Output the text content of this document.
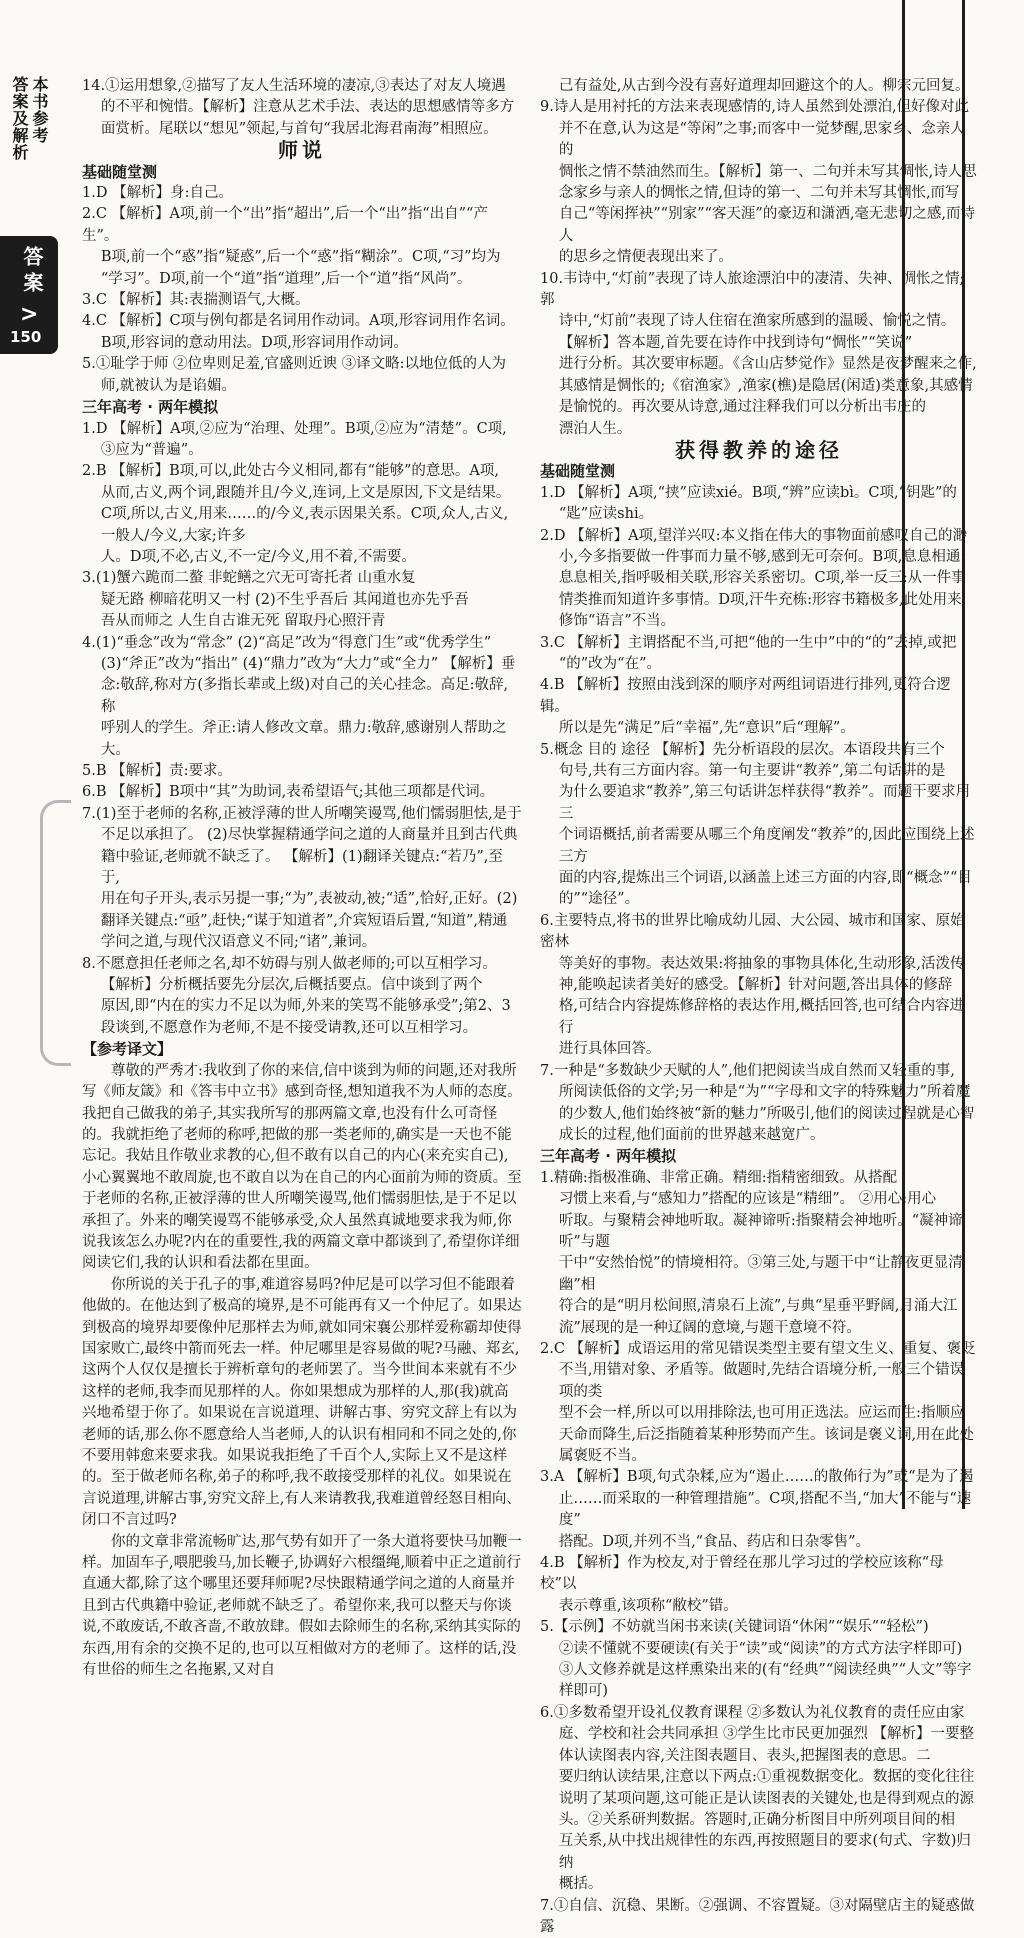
本书参考
答案及解析
答案
>
150

14.①运用想象,②描写了友人生活环境的凄凉,③表达了对友人境遇

的不平和惋惜。【解析】注意从艺术手法、表达的思想感情等多方

面赏析。尾联以“想见”领起,与首句“我居北海君南海”相照应。

师说

基础随堂测

1.D 【解析】身:自己。

2.C 【解析】A项,前一个“出”指“超出”,后一个“出”指“出自”“产生”。

B项,前一个“惑”指“疑惑”,后一个“惑”指“糊涂”。C项,“习”均为

“学习”。D项,前一个“道”指“道理”,后一个“道”指“风尚”。

3.C 【解析】其:表揣测语气,大概。

4.C 【解析】C项与例句都是名词用作动词。A项,形容词用作名词。

B项,形容词的意动用法。D项,形容词用作动词。

5.①耻学于师 ②位卑则足羞,官盛则近谀 ③译文略:以地位低的人为

师,就被认为是谄媚。

三年高考 · 两年模拟

1.D 【解析】A项,②应为“治理、处理”。B项,②应为“清楚”。C项,

③应为“普遍”。

2.B 【解析】B项,可以,此处古今义相同,都有“能够”的意思。A项,

从而,古义,两个词,跟随并且/今义,连词,上文是原因,下文是结果。

C项,所以,古义,用来……的/今义,表示因果关系。C项,众人,古义,一般人/今义,大家;许多

人。D项,不必,古义,不一定/今义,用不着,不需要。

3.(1)蟹六跪而二螯 非蛇鳝之穴无可寄托者 山重水复

疑无路 柳暗花明又一村 (2)不生乎吾后 其闻道也亦先乎吾

吾从而师之 人生自古谁无死 留取丹心照汗青

4.(1)“垂念”改为“常念” (2)“高足”改为“得意门生”或“优秀学生”

(3)“斧正”改为“指出” (4)“鼎力”改为“大力”或“全力” 【解析】垂

念:敬辞,称对方(多指长辈或上级)对自己的关心挂念。高足:敬辞,称

呼别人的学生。斧正:请人修改文章。鼎力:敬辞,感谢别人帮助之大。

5.B 【解析】责:要求。

6.B 【解析】B项中“其”为助词,表希望语气;其他三项都是代词。

7.(1)至于老师的名称,正被浮薄的世人所嘲笑谩骂,他们懦弱胆怯,是于

不足以承担了。 (2)尽快掌握精通学问之道的人商量并且到古代典

籍中验证,老师就不缺乏了。 【解析】(1)翻译关键点:“若乃”,至于,

用在句子开头,表示另提一事;“为”,表被动,被;“适”,恰好,正好。(2)

翻译关键点:“亟”,赶快;“谋于知道者”,介宾短语后置,“知道”,精通

学问之道,与现代汉语意义不同;“诸”,兼词。

8.不愿意担任老师之名,却不妨碍与别人做老师的;可以互相学习。

【解析】分析概括要先分层次,后概括要点。信中谈到了两个

原因,即“内在的实力不足以为师,外来的笑骂不能够承受”;第2、3

段谈到,不愿意作为老师,不是不接受请教,还可以互相学习。

【参考译文】

尊敬的严秀才:我收到了你的来信,信中谈到为师的问题,还对我所写《师友箴》和《答韦中立书》感到奇怪,想知道我不为人师的态度。我把自己做我的弟子,其实我所写的那两篇文章,也没有什么可奇怪的。我就拒绝了老师的称呼,把做的那一类老师的,确实是一天也不能忘记。我姑且作敬业求教的心,但不敢有以自己的内心(来充实自己),小心翼翼地不敢周旋,也不敢自以为在自己的内心面前为师的资质。至于老师的名称,正被浮薄的世人所嘲笑谩骂,他们懦弱胆怯,是于不足以承担了。外来的嘲笑谩骂不能够承受,众人虽然真诚地要求我为师,你说我该怎么办呢?内在的重要性,我的两篇文章中都谈到了,希望你详细阅读它们,我的认识和看法都在里面。

你所说的关于孔子的事,难道容易吗?仲尼是可以学习但不能跟着他做的。在他达到了极高的境界,是不可能再有又一个仲尼了。如果达到极高的境界却要像仲尼那样去为师,就如同宋襄公那样爱称霸却使得国家败亡,最终中箭而死去一样。仲尼哪里是容易做的呢?马融、郑玄,这两个人仅仅是擅长于辨析章句的老师罢了。当今世间本来就有不少这样的老师,我李而见那样的人。你如果想成为那样的人,那(我)就高兴地希望于你了。如果说在言说道理、讲解古事、穷究文辞上有以为老师的话,那么你不愿意给人当老师,人的认识有相同和不同之处的,你不要用韩愈来要求我。如果说我拒绝了千百个人,实际上又不是这样的。至于做老师名称,弟子的称呼,我不敢接受那样的礼仪。如果说在言说道理,讲解古事,穷究文辞上,有人来请教我,我难道曾经怒目相向、闭口不言过吗?

你的文章非常流畅旷达,那气势有如开了一条大道将要快马加鞭一样。加固车子,喂肥骏马,加长鞭子,协调好六根缰绳,顺着中正之道前行直通大都,除了这个哪里还要拜师呢?尽快跟精通学问之道的人商量并且到古代典籍中验证,老师就不缺乏了。希望你来,我可以整天与你谈说,不敢废话,不敢吝啬,不敢放肆。假如去除师生的名称,采纳其实际的东西,用有余的交换不足的,也可以互相做对方的老师了。这样的话,没有世俗的师生之名拖累,又对自

己有益处,从古到今没有喜好道理却回避这个的人。柳宗元回复。

9.诗人是用衬托的方法来表现感情的,诗人虽然到处漂泊,但好像对此

并不在意,认为这是“等闲”之事;而客中一觉梦醒,思家乡、念亲人的

惆怅之情不禁油然而生。【解析】第一、二句并未写其惆怅,诗人思

念家乡与亲人的惆怅之情,但诗的第一、二句并未写其惆怅,而写

自己“等闲挥袂”“别家”“客天涯”的豪迈和潇洒,毫无悲切之感,而诗人

的思乡之情便表现出来了。

10.韦诗中,“灯前”表现了诗人旅途漂泊中的凄清、失神、惆怅之情;郭

诗中,“灯前”表现了诗人住宿在渔家所感到的温暖、愉悦之情。

【解析】答本题,首先要在诗作中找到诗句“惆怅”“笑说”

进行分析。其次要审标题。《含山店梦觉作》显然是夜梦醒来之作,

其感情是惆怅的;《宿渔家》,渔家(樵)是隐居(闲适)类意象,其感情

是愉悦的。再次要从诗意,通过注释我们可以分析出韦庄的

漂泊人生。

获得教养的途径

基础随堂测

1.D 【解析】A项,“挟”应读xié。B项,“辨”应读bì。C项,“钥匙”的

“匙”应读shi。

2.D 【解析】A项,望洋兴叹:本义指在伟大的事物面前感叹自己的渺

小,今多指要做一件事而力量不够,感到无可奈何。B项,息息相通:

息息相关,指呼吸相关联,形容关系密切。C项,举一反三:从一件事

情类推而知道许多事情。D项,汗牛充栋:形容书籍极多,此处用来

修饰“语言”不当。

3.C 【解析】主谓搭配不当,可把“他的一生中”中的“的”去掉,或把

“的”改为“在”。

4.B 【解析】按照由浅到深的顺序对两组词语进行排列,更符合逻辑。

所以是先“满足”后“幸福”,先“意识”后“理解”。

5.概念 目的 途径 【解析】先分析语段的层次。本语段共有三个

句号,共有三方面内容。第一句主要讲“教养”,第二句话讲的是

为什么要追求“教养”,第三句话讲怎样获得“教养”。而题干要求用三

个词语概括,前者需要从哪三个角度阐发“教养”的,因此应围绕上述三方

面的内容,提炼出三个词语,以涵盖上述三方面的内容,即“概念”“目

的”“途径”。

6.主要特点,将书的世界比喻成幼儿园、大公园、城市和国家、原始密林

等美好的事物。表达效果:将抽象的事物具体化,生动形象,活泼传

神,能唤起读者美好的感受。【解析】针对问题,答出具体的修辞

格,可结合内容提炼修辞格的表达作用,概括回答,也可结合内容进行

进行具体回答。

7.一种是“多数缺少天赋的人”,他们把阅读当成自然而又轻重的事,

所阅读低俗的文学;另一种是“为”“字母和文字的特殊魅力”所着魔

的少数人,他们始终被“新的魅力”所吸引,他们的阅读过程就是心智

成长的过程,他们面前的世界越来越宽广。

三年高考 · 两年模拟

1.精确:指极准确、非常正确。精细:指精密细致。从搭配

习惯上来看,与“感知力”搭配的应该是“精细”。 ②用心:用心

听取。与聚精会神地听取。凝神谛听:指聚精会神地听。“凝神谛听”与题

干中“安然怡悦”的情境相符。③第三处,与题干中“让静夜更显清幽”相

符合的是“明月松间照,清泉石上流”,与典“星垂平野阔,月涌大江

流”展现的是一种辽阔的意境,与题干意境不符。

2.C 【解析】成语运用的常见错误类型主要有望文生义、重复、褒贬

不当,用错对象、矛盾等。做题时,先结合语境分析,一般三个错误项的类

型不会一样,所以可以用排除法,也可用正选法。应运而生:指顺应

天命而降生,后泛指随着某种形势而产生。该词是褒义词,用在此处

属褒贬不当。

3.A 【解析】B项,句式杂糅,应为“遏止……的散佈行为”或“是为了遏

止……而采取的一种管理措施”。C项,搭配不当,“加大”不能与“速度”

搭配。D项,并列不当,“食品、药店和日杂零售”。

4.B 【解析】作为校友,对于曾经在那儿学习过的学校应该称“母校”以

表示尊重,该项称“敝校”错。

5.【示例】不妨就当闲书来读(关键词语“休闲”“娱乐”“轻松”)

②读不懂就不要硬读(有关于“读”或“阅读”的方式方法字样即可)

③人文修养就是这样熏染出来的(有“经典”“阅读经典”“人文”等字

样即可)

6.①多数希望开设礼仪教育课程 ②多数认为礼仪教育的责任应由家

庭、学校和社会共同承担 ③学生比市民更加强烈 【解析】一要整

体认读图表内容,关注图表题目、表头,把握图表的意思。二

要归纳认读结果,注意以下两点:①重视数据变化。数据的变化往往

说明了某项问题,这可能正是认读图表的关键处,也是得到观点的源

头。②关系研判数据。答题时,正确分析图目中所列项目间的相

互关系,从中找出规律性的东西,再按照题目的要求(句式、字数)归纳

概括。

7.①自信、沉稳、果断。②强调、不容置疑。③对隔壁店主的疑惑做露
